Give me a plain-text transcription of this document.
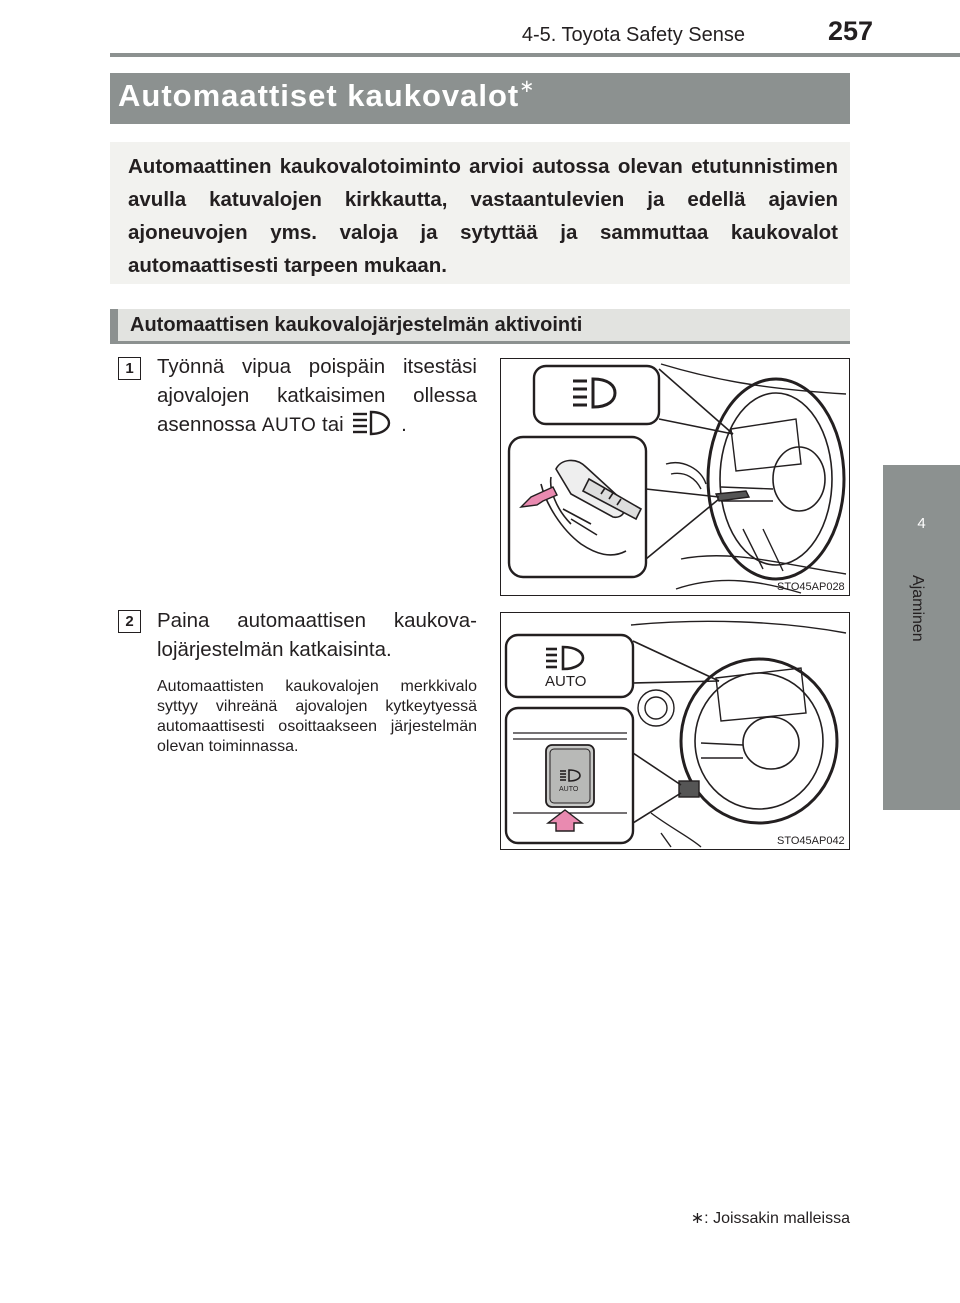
4-5. Toyota Safety Sense	257
4
Ajaminen
Automaattiset kaukovalot∗
Automaattinen kaukovalotoiminto arvioi autossa olevan etutunnistimen avulla katuvalojen kirkkautta, vastaantulevien ja edellä ajavien ajoneuvojen yms. valoja ja sytyttää ja sammuttaa kaukovalot automaattisesti tarpeen mukaan.
Automaattisen kaukovalojärjestelmän aktivointi
1	Työnnä vipua poispäin itsestäsi ajovalojen katkaisimen ollessa asennossa AUTO tai	.
STO45AP028
2	Paina automaattisen kaukovalojärjestelmän katkaisinta.
Automaattisten kaukovalojen merkkivalo syttyy vihreänä ajovalojen kytkeytyessä automaattisesti osoittaakseen järjestelmän olevan toiminnassa.
AUTO
AUTO
STO45AP042
∗: Joissakin malleissa
